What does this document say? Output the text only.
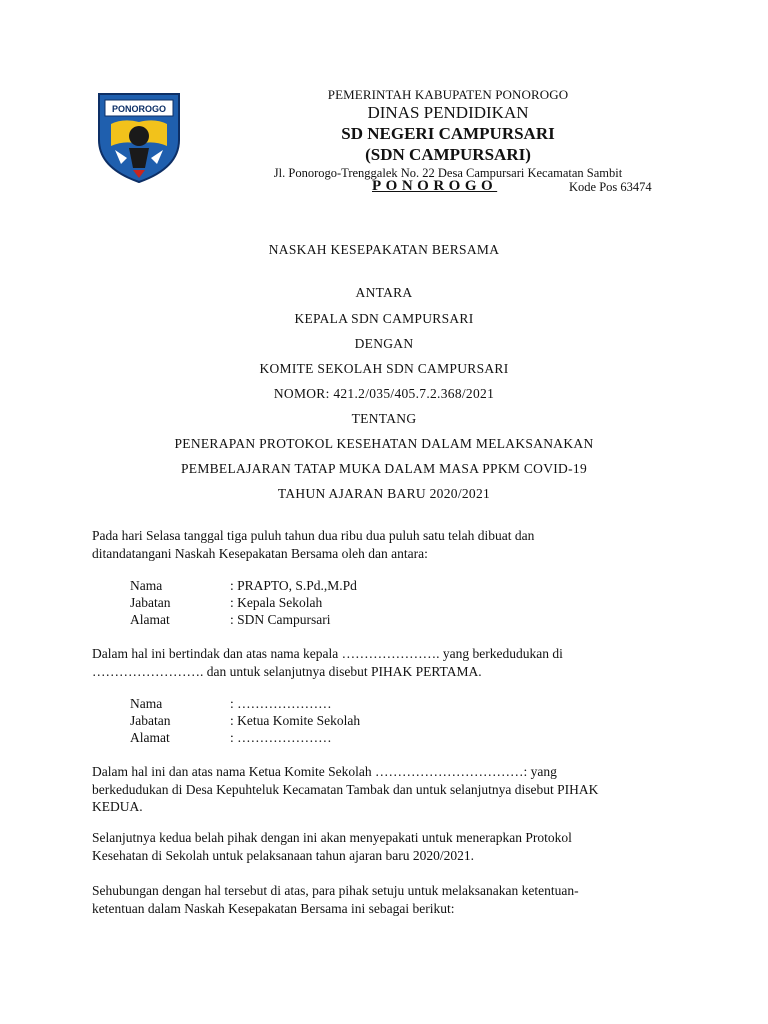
PONOROGO
PEMERINTAH KABUPATEN PONOROGO
DINAS PENDIDIKAN
SD NEGERI CAMPURSARI
(SDN CAMPURSARI)
Jl. Ponorogo-Trenggalek No. 22 Desa Campursari Kecamatan Sambit
PONOROGO	Kode Pos 63474
NASKAH KESEPAKATAN BERSAMA
ANTARA
KEPALA SDN CAMPURSARI
DENGAN
KOMITE SEKOLAH SDN CAMPURSARI
NOMOR: 421.2/035/405.7.2.368/2021
TENTANG
PENERAPAN PROTOKOL KESEHATAN DALAM MELAKSANAKAN
PEMBELAJARAN TATAP MUKA DALAM MASA PPKM COVID-19
TAHUN AJARAN BARU 2020/2021
Pada hari Selasa tanggal tiga puluh tahun dua ribu dua puluh satu telah dibuat dan
ditandatangani Naskah Kesepakatan Bersama oleh dan antara:
Nama	: PRAPTO, S.Pd.,M.Pd
Jabatan	: Kepala Sekolah
Alamat	: SDN Campursari
Dalam hal ini bertindak dan atas nama kepala …………………. yang berkedudukan di
……………………. dan untuk selanjutnya disebut PIHAK PERTAMA.
Nama	: …………………
Jabatan	: Ketua Komite Sekolah
Alamat	: …………………
Dalam hal ini dan atas nama Ketua Komite Sekolah ……………………………: yang
berkedudukan di Desa Kepuhteluk Kecamatan Tambak dan untuk selanjutnya disebut PIHAK
KEDUA.
Selanjutnya kedua belah pihak dengan ini akan menyepakati untuk menerapkan Protokol
Kesehatan di Sekolah untuk pelaksanaan tahun ajaran baru 2020/2021.
Sehubungan dengan hal tersebut di atas, para pihak setuju untuk melaksanakan ketentuan-
ketentuan dalam Naskah Kesepakatan Bersama ini sebagai berikut:
